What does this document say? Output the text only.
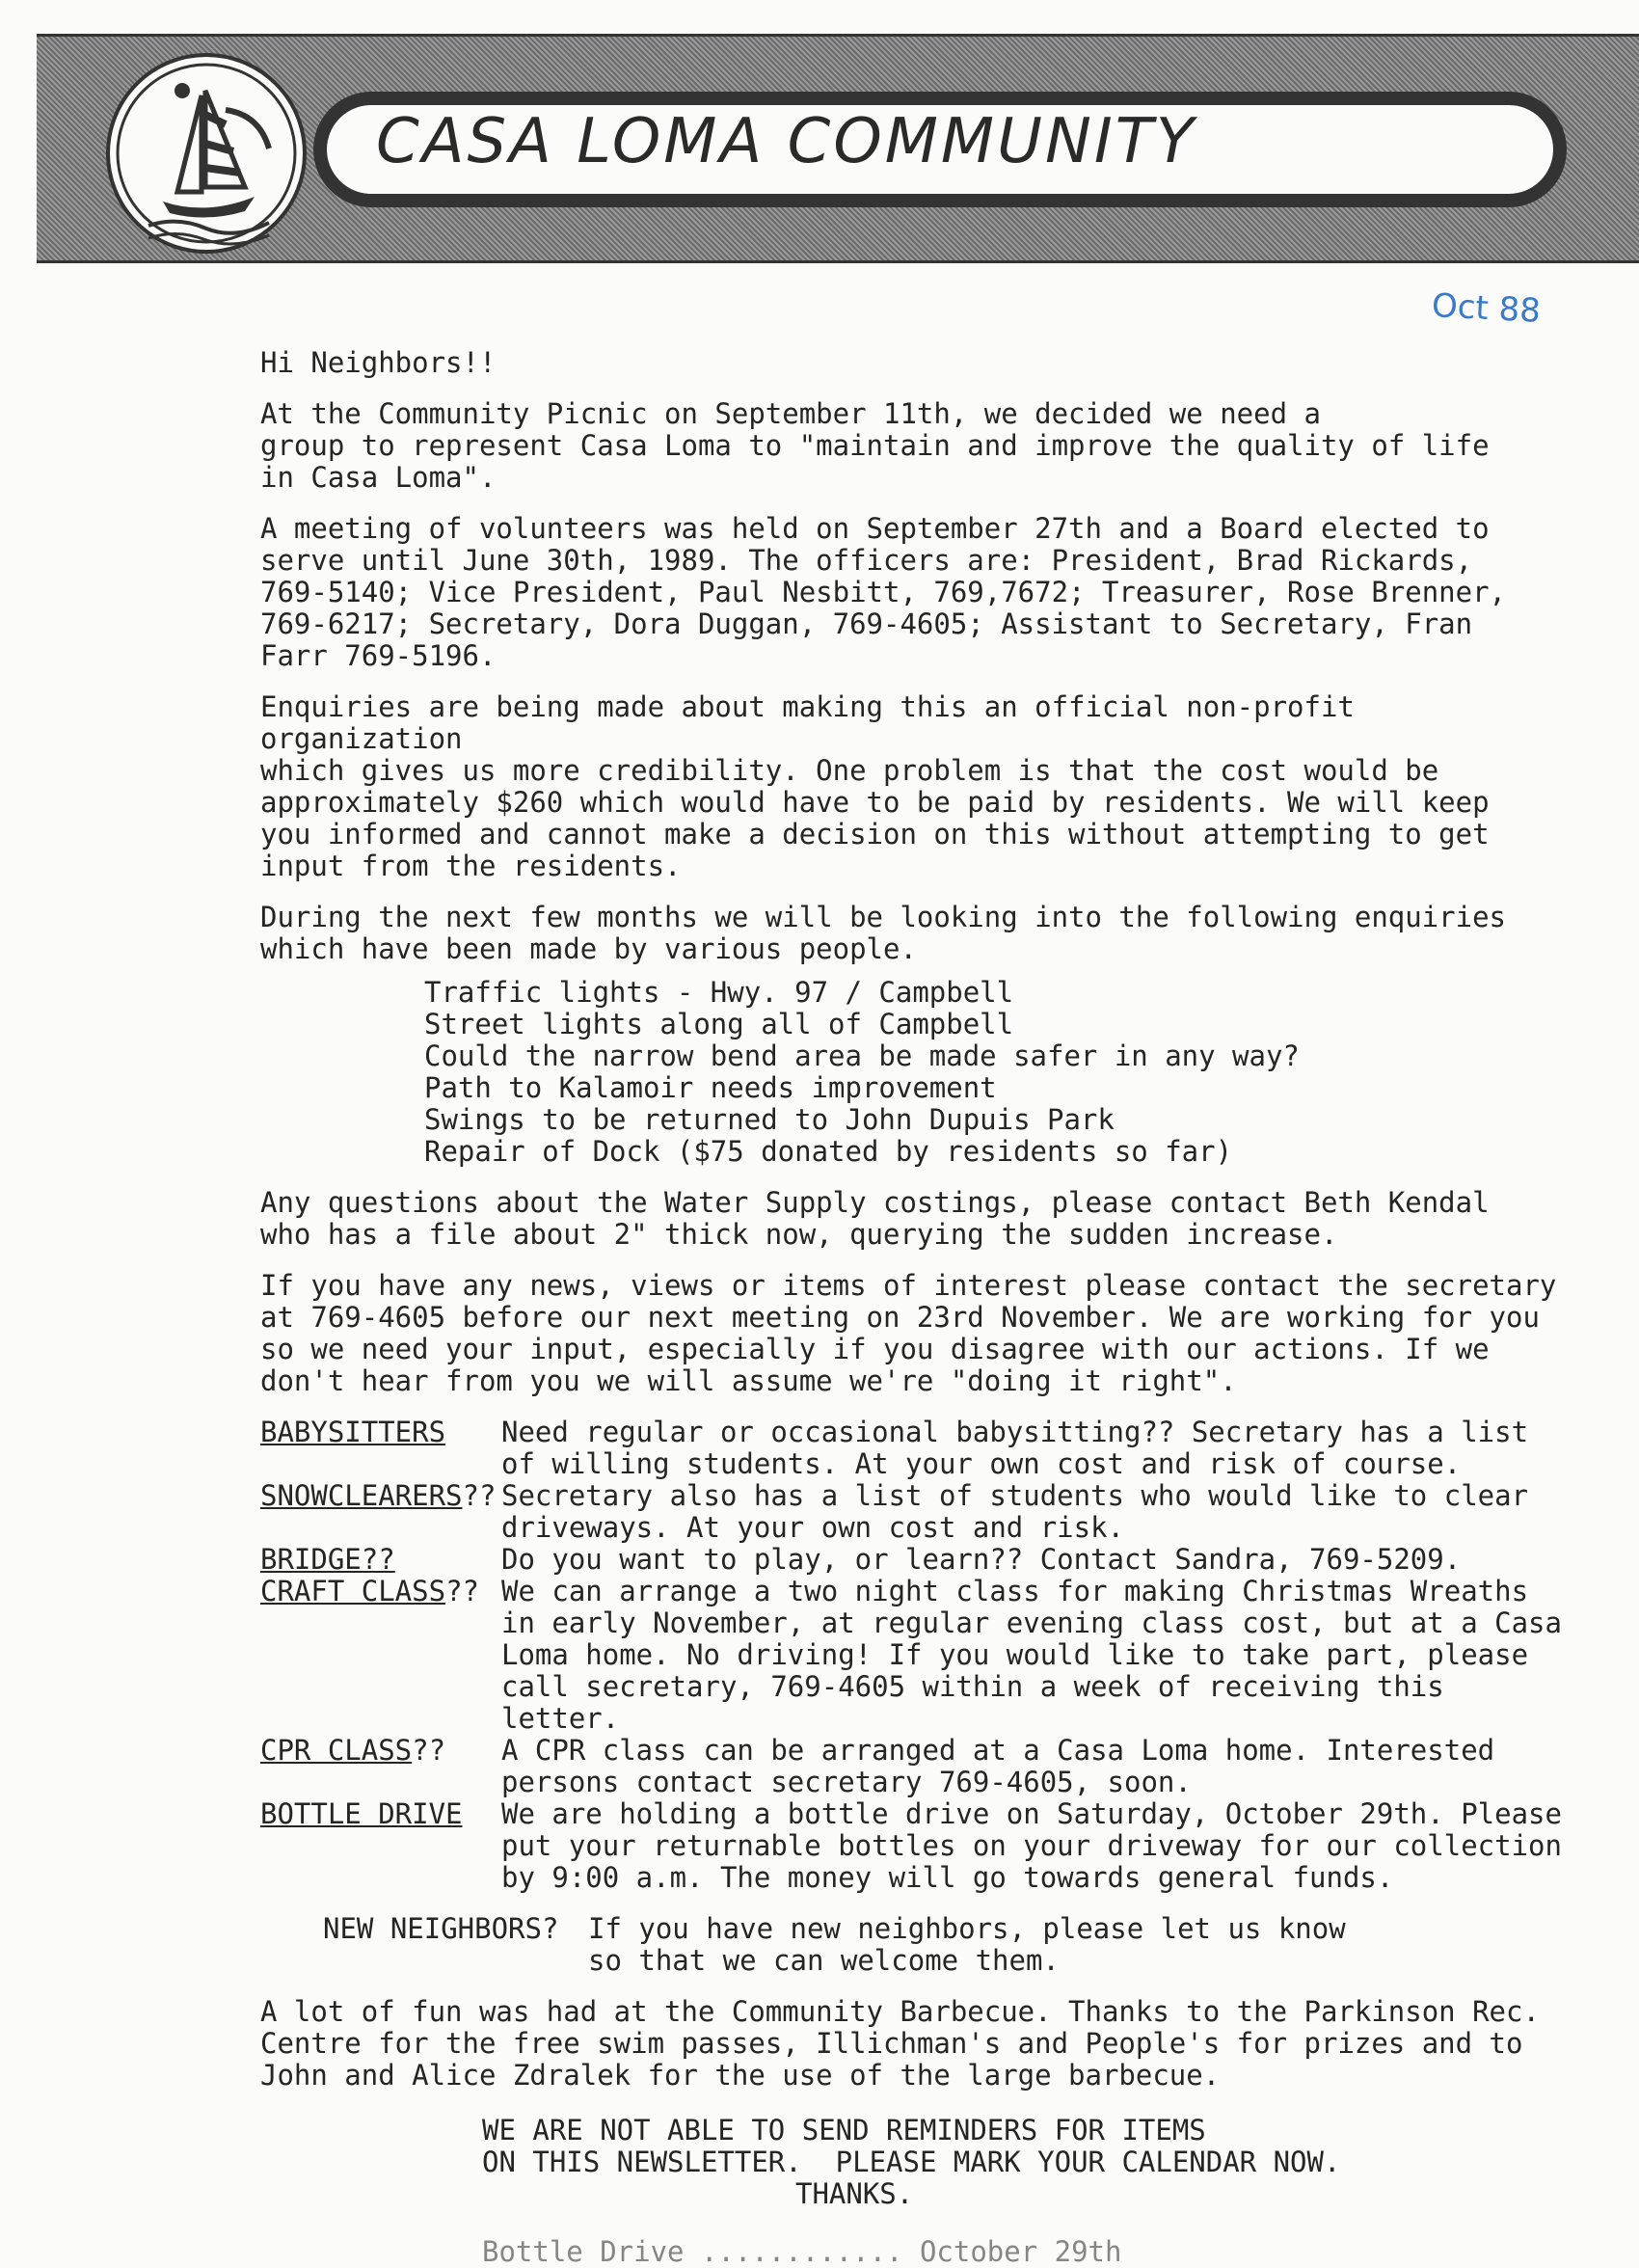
CASA LOMA COMMUNITY
Oct 88

Hi Neighbors!!

At the Community Picnic on September 11th, we decided we need a
group to represent Casa Loma to "maintain and improve the quality of life
in Casa Loma".

A meeting of volunteers was held on September 27th and a Board elected to
serve until June 30th, 1989. The officers are: President, Brad Rickards,
769-5140; Vice President, Paul Nesbitt, 769,7672; Treasurer, Rose Brenner,
769-6217; Secretary, Dora Duggan, 769-4605; Assistant to Secretary, Fran
Farr 769-5196.

Enquiries are being made about making this an official non-profit organization
which gives us more credibility. One problem is that the cost would be
approximately $260 which would have to be paid by residents. We will keep
you informed and cannot make a decision on this without attempting to get
input from the residents.

During the next few months we will be looking into the following enquiries
which have been made by various people.

Traffic lights - Hwy. 97 / Campbell
Street lights along all of Campbell
Could the narrow bend area be made safer in any way?
Path to Kalamoir needs improvement
Swings to be returned to John Dupuis Park
Repair of Dock ($75 donated by residents so far)

Any questions about the Water Supply costings, please contact Beth Kendal
who has a file about 2" thick now, querying the sudden increase.

If you have any news, views or items of interest please contact the secretary
at 769-4605 before our next meeting on 23rd November. We are working for you
so we need your input, especially if you disagree with our actions. If we
don't hear from you we will assume we're "doing it right".

BABYSITTERS	Need regular or occasional babysitting?? Secretary has a list
of willing students. At your own cost and risk of course.
SNOWCLEARERS?? Secretary also has a list of students who would like to clear
driveways. At your own cost and risk.
BRIDGE??	Do you want to play, or learn?? Contact Sandra, 769-5209.
CRAFT CLASS?? We can arrange a two night class for making Christmas Wreaths
in early November, at regular evening class cost, but at a Casa
Loma home. No driving! If you would like to take part, please
call secretary, 769-4605 within a week of receiving this letter.
CPR CLASS??	A CPR class can be arranged at a Casa Loma home. Interested
persons contact secretary 769-4605, soon.
BOTTLE DRIVE	We are holding a bottle drive on Saturday, October 29th. Please
put your returnable bottles on your driveway for our collection
by 9:00 a.m. The money will go towards general funds.
NEW NEIGHBORS?	If you have new neighbors, please let us know
so that we can welcome them.

A lot of fun was had at the Community Barbecue. Thanks to the Parkinson Rec.
Centre for the free swim passes, Illichman's and People's for prizes and to
John and Alice Zdralek for the use of the large barbecue.

WE ARE NOT ABLE TO SEND REMINDERS FOR ITEMS
ON THIS NEWSLETTER.  PLEASE MARK YOUR CALENDAR NOW.
THANKS.
Bottle Drive ............ October 29th
